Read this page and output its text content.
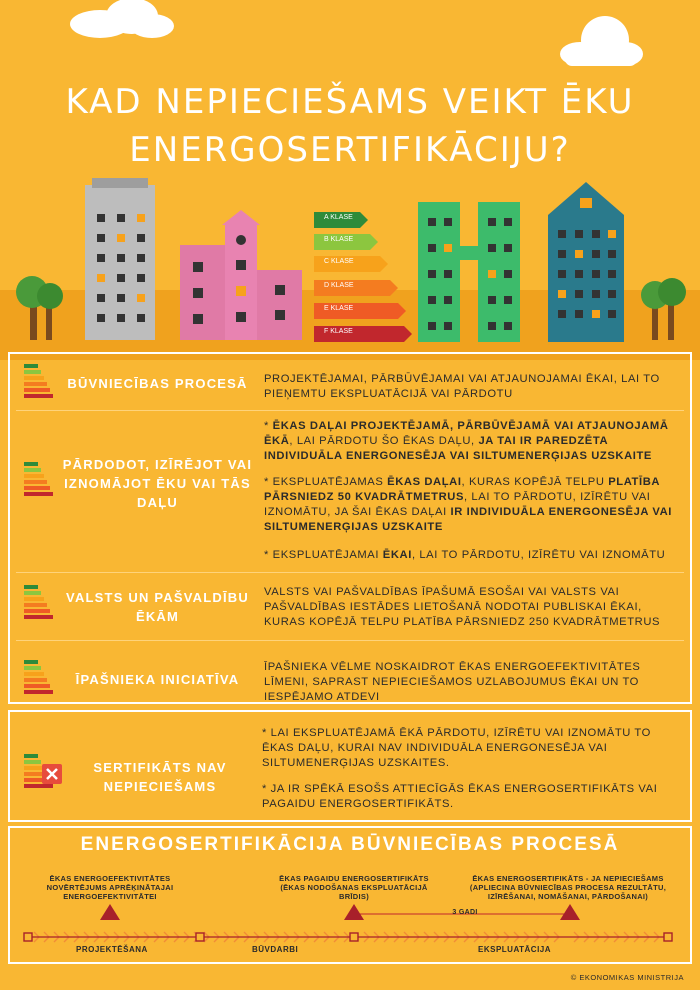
KAD NEPIECIEŠAMS VEIKT ĒKU
ENERGOSERTIFIKĀCIJU?
A KLASE
B KLASE
C KLASE
D KLASE
E KLASE
F KLASE
BŪVNIECĪBAS PROCESĀ	PROJEKTĒJAMAI, PĀRBŪVĒJAMAI VAI ATJAUNOJAMAI ĒKAI, LAI TO PIEŅEMTU EKSPLUATĀCIJĀ VAI PĀRDOTU
PĀRDODOT, IZĪRĒJOT VAI IZNOMĀJOT ĒKU VAI TĀS DAĻU
* ĒKAS DAĻAI PROJEKTĒJAMĀ, PĀRBŪVĒJAMĀ VAI ATJAUNOJAMĀ ĒKĀ, LAI PĀRDOTU ŠO ĒKAS DAĻU, JA TAI IR PAREDZĒTA INDIVIDUĀLA ENERGONESĒJA VAI SILTUMENERĢIJAS UZSKAITE
* EKSPLUATĒJAMAS ĒKAS DAĻAI, KURAS KOPĒJĀ TELPU PLATĪBA PĀRSNIEDZ 50 KVADRĀTMETRUS, LAI TO PĀRDOTU, IZĪRĒTU VAI IZNOMĀTU, JA ŠAI ĒKAS DAĻAI IR INDIVIDUĀLA ENERGONESĒJA VAI SILTUMENERĢIJAS UZSKAITE
* EKSPLUATĒJAMAI ĒKAI, LAI TO PĀRDOTU, IZĪRĒTU VAI IZNOMĀTU
VALSTS UN PAŠVALDĪBU ĒKĀM
VALSTS VAI PAŠVALDĪBAS ĪPAŠUMĀ ESOŠAI VAI VALSTS VAI PAŠVALDĪBAS IESTĀDES LIETOŠANĀ NODOTAI PUBLISKAI ĒKAI, KURAS KOPĒJĀ TELPU PLATĪBA PĀRSNIEDZ 250 KVADRĀTMETRUS
ĪPAŠNIEKA INICIATĪVA
ĪPAŠNIEKA VĒLME NOSKAIDROT ĒKAS ENERGOEFEKTIVITĀTES LĪMENI, SAPRAST NEPIECIEŠAMOS UZLABOJUMUS ĒKAI UN TO IESPĒJAMO ATDEVI
SERTIFIKĀTS NAV NEPIECIEŠAMS
* LAI EKSPLUATĒJAMĀ ĒKĀ PĀRDOTU, IZĪRĒTU VAI IZNOMĀTU TO ĒKAS DAĻU, KURAI NAV INDIVIDUĀLA ENERGONESĒJA VAI SILTUMENERĢIJAS UZSKAITES.
* JA IR SPĒKĀ ESOŠS ATTIECĪGĀS ĒKAS ENERGOSERTIFIKĀTS VAI PAGAIDU ENERGOSERTIFIKĀTS.
ENERGOSERTIFIKĀCIJA BŪVNIECĪBAS PROCESĀ
ĒKAS ENERGOEFEKTIVITĀTES NOVĒRTĒJUMS APRĒĶINĀTAJAI ENERGOEFEKTIVITĀTEI
ĒKAS PAGAIDU ENERGOSERTIFIKĀTS (ĒKAS NODOŠANAS EKSPLUATĀCIJĀ BRĪDIS)
ĒKAS ENERGOSERTIFIKĀTS - JA NEPIECIEŠAMS (APLIECINA BŪVNIECĪBAS PROCESA REZULTĀTU, IZĪRĒŠANAI, NOMĀŠANAI, PĀRDOŠANAI)
3 GADI
PROJEKTĒŠANA	BŪVDARBI	EKSPLUATĀCIJA
© EKONOMIKAS MINISTRIJA
